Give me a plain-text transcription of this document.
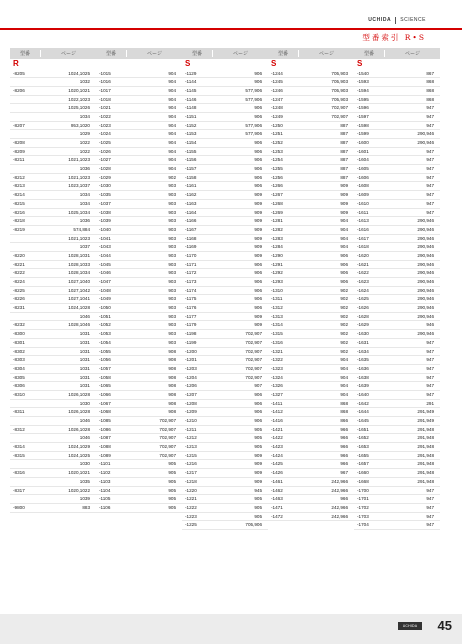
UCHIDA SCIENCE
型番索引 R•S
型番	ページ
R
-8205	1024,1025
1032
-8206	1020,1021
1022,1023
1025,1026
1034
-8207	953,1020
1029
-8208	1022
-8209	1022
-8211	1021,1023
1036
-8212	1021,1023
-8213	1023,1037
-8214	1034
-8215	1034
-8216	1025,1034
-8218	1036
-8219	574,884
1021,1023
1037
-8220	1028,1031
-8221	1028,1033
-8222	1028,1034
-8224	1027,1040
-8225	1027,1042
-8226	1027,1041
-8231	1024,1028
1046
-8232	1028,1046
-8300	1031
-8301	1031
-8302	1031
-8303	1031
-8304	1031
-8305	1031
-8306	1031
-8310	1026,1028
1030
-8311	1026,1028
1046
-8312	1026,1028
1046
-8314	1024,1029
-8315	1024,1025
1030
-8316	1020,1021
1035
-8317	1020,1022
1039
-9800	883
型番	ページ
-1015	904
-1016	904
-1017	904
-1018	904
-1021	904
-1022	904
-1023	904
-1024	904
-1025	904
-1026	904
-1027	904
-1028	904
-1029	902
-1030	903
-1035	903
-1037	903
-1038	903
-1039	903
-1040	903
-1041	903
-1043	903
-1044	903
-1045	903
-1046	903
-1047	903
-1048	903
-1049	903
-1050	903
-1051	903
-1052	903
-1053	903
-1054	903
-1055	908
-1056	908
-1057	908
-1058	908
-1065	908
-1066	908
-1067	908
-1068	908
-1085	702,907
-1086	702,907
-1087	702,907
-1088	702,907
-1089	702,907
-1101	905
-1102	905
-1103	905
-1104	905
-1105	905
-1106	905
型番	ページ
S
-1129	906
-1144	906
-1145	577,906
-1146	577,906
-1148	906
-1151	906
-1152	577,906
-1153	577,906
-1154	906
-1155	906
-1156	906
-1157	906
-1158	906
-1161	906
-1162	909
-1163	909
-1164	909
-1166	909
-1167	909
-1168	909
-1169	909
-1170	909
-1171	906
-1172	906
-1173	906
-1174	906
-1175	906
-1176	906
-1177	909
-1179	909
-1198	702,907
-1199	702,907
-1200	702,907
-1201	702,907
-1203	702,907
-1204	702,907
-1206	907
-1207	906
-1208	906
-1209	906
-1210	906
-1211	905
-1212	905
-1213	905
-1215	909
-1216	909
-1217	909
-1218	909
-1220	945
-1221	905
-1222	905
-1223	905
-1225	705,906
型番	ページ
S
-1244	705,903
-1245	705,903
-1246	705,903
-1247	705,903
-1248	702,907
-1249	702,907
-1250	887
-1251	887
-1252	887
-1253	887
-1254	887
-1255	887
-1256	887
-1266	909
-1267	909
-1268	909
-1269	909
-1281	904
-1282	904
-1283	904
-1284	904
-1290	906
-1291	906
-1292	906
-1293	906
-1310	902
-1311	902
-1312	902
-1313	902
-1314	902
-1315	902
-1316	902
-1321	902
-1322	904
-1323	904
-1324	904
-1326	904
-1327	904
-1411	868
-1412	868
-1416	866
-1421	966
-1422	966
-1423	966
-1424	966
-1425	966
-1426	967
-1461	242,966
-1462	242,966
-1463	966
-1471	242,966
-1472	242,966
型番	ページ
S
-1540	867
-1593	868
-1594	868
-1595	868
-1596	947
-1597	947
-1598	947
-1599	290,946
-1600	290,946
-1601	947
-1604	947
-1605	947
-1606	947
-1608	947
-1609	947
-1610	947
-1611	947
-1613	290,946
-1616	290,946
-1617	290,946
-1618	290,946
-1620	290,946
-1621	290,946
-1622	290,946
-1623	290,946
-1624	290,946
-1625	290,946
-1626	290,946
-1628	290,946
-1629	946
-1630	290,946
-1631	947
-1634	947
-1635	947
-1636	947
-1638	947
-1639	947
-1640	947
-1642	291
-1644	291,949
-1645	291,949
-1651	291,948
-1652	291,948
-1653	291,948
-1655	291,948
-1657	291,948
-1660	291,948
-1668	291,948
-1700	947
-1701	947
-1702	947
-1703	947
-1704	947
UCHIDA	45
